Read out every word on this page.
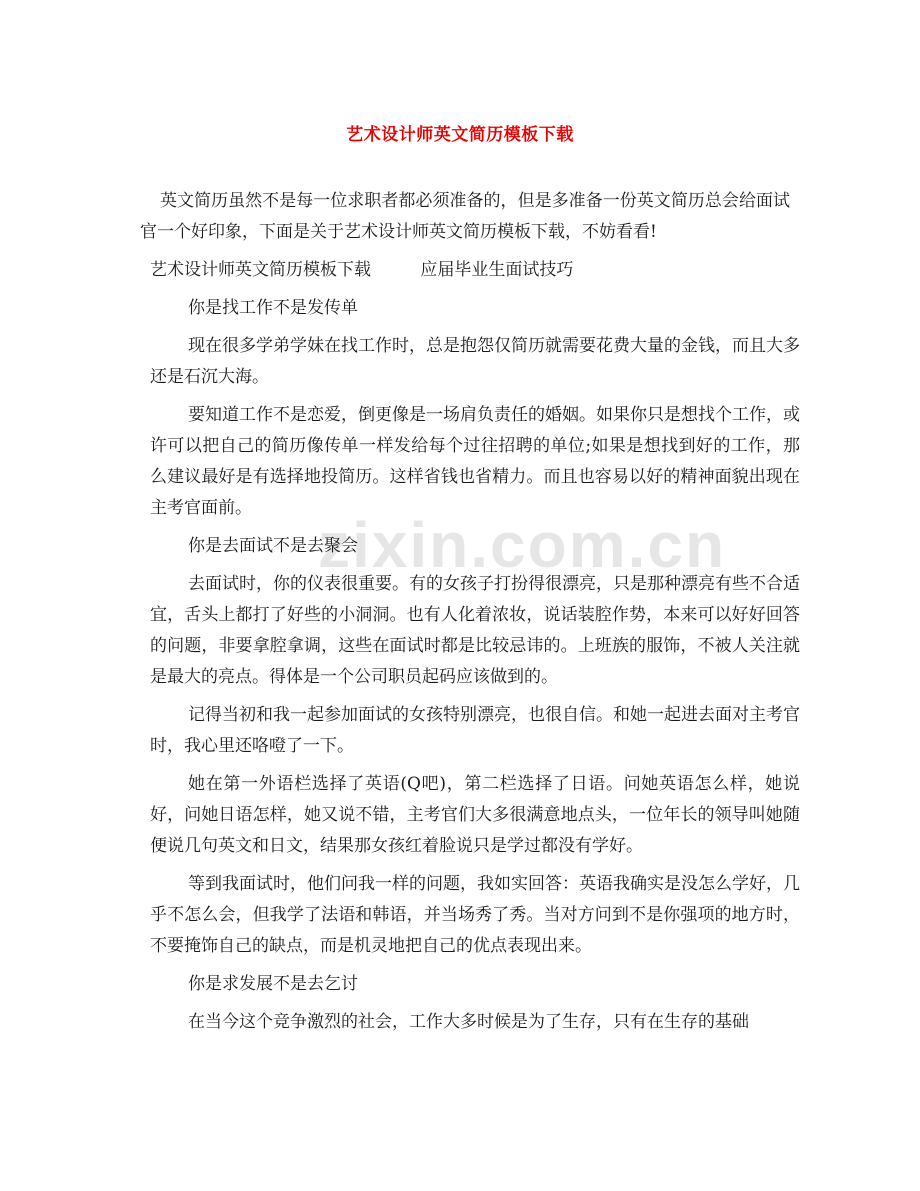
艺术设计师英文简历模板下载
zixin.com.cn

英文简历虽然不是每一位求职者都必须准备的，但是多准备一份英文简历总会给面试官一个好印象，下面是关于艺术设计师英文简历模板下载，不妨看看!

艺术设计师英文简历模板下载	应届毕业生面试技巧

你是找工作不是发传单

现在很多学弟学妹在找工作时，总是抱怨仅简历就需要花费大量的金钱，而且大多还是石沉大海。

要知道工作不是恋爱，倒更像是一场肩负责任的婚姻。如果你只是想找个工作，或许可以把自己的简历像传单一样发给每个过往招聘的单位;如果是想找到好的工作，那么建议最好是有选择地投简历。这样省钱也省精力。而且也容易以好的精神面貌出现在主考官面前。

你是去面试不是去聚会

去面试时，你的仪表很重要。有的女孩子打扮得很漂亮，只是那种漂亮有些不合适宜，舌头上都打了好些的小洞洞。也有人化着浓妆，说话装腔作势，本来可以好好回答的问题，非要拿腔拿调，这些在面试时都是比较忌讳的。上班族的服饰，不被人关注就是最大的亮点。得体是一个公司职员起码应该做到的。

记得当初和我一起参加面试的女孩特别漂亮，也很自信。和她一起进去面对主考官时，我心里还咯噔了一下。

她在第一外语栏选择了英语(Q吧)，第二栏选择了日语。问她英语怎么样，她说好，问她日语怎样，她又说不错，主考官们大多很满意地点头，一位年长的领导叫她随便说几句英文和日文，结果那女孩红着脸说只是学过都没有学好。

等到我面试时，他们问我一样的问题，我如实回答：英语我确实是没怎么学好，几乎不怎么会，但我学了法语和韩语，并当场秀了秀。当对方问到不是你强项的地方时，不要掩饰自己的缺点，而是机灵地把自己的优点表现出来。

你是求发展不是去乞讨

在当今这个竞争激烈的社会，工作大多时候是为了生存，只有在生存的基础
